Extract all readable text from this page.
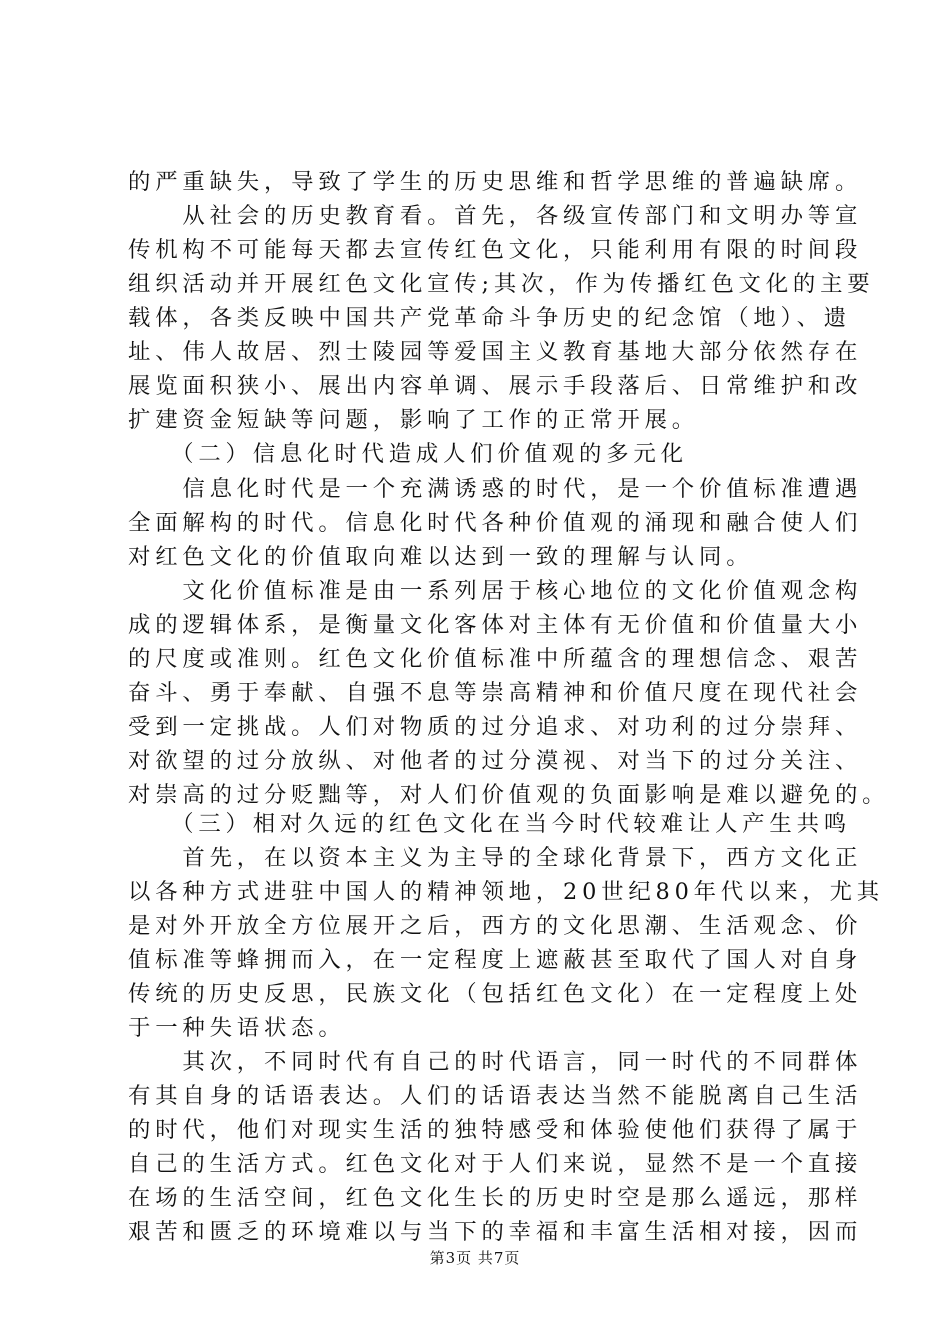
的严重缺失，导致了学生的历史思维和哲学思维的普遍缺席。
　　从社会的历史教育看。首先，各级宣传部门和文明办等宣
传机构不可能每天都去宣传红色文化，只能利用有限的时间段
组织活动并开展红色文化宣传;其次，作为传播红色文化的主要
载体，各类反映中国共产党革命斗争历史的纪念馆（地）、遗
址、伟人故居、烈士陵园等爱国主义教育基地大部分依然存在
展览面积狭小、展出内容单调、展示手段落后、日常维护和改
扩建资金短缺等问题，影响了工作的正常开展。
　　（二）信息化时代造成人们价值观的多元化
　　信息化时代是一个充满诱惑的时代，是一个价值标准遭遇
全面解构的时代。信息化时代各种价值观的涌现和融合使人们
对红色文化的价值取向难以达到一致的理解与认同。
　　文化价值标准是由一系列居于核心地位的文化价值观念构
成的逻辑体系，是衡量文化客体对主体有无价值和价值量大小
的尺度或准则。红色文化价值标准中所蕴含的理想信念、艰苦
奋斗、勇于奉献、自强不息等崇高精神和价值尺度在现代社会
受到一定挑战。人们对物质的过分追求、对功利的过分崇拜、
对欲望的过分放纵、对他者的过分漠视、对当下的过分关注、
对崇高的过分贬黜等，对人们价值观的负面影响是难以避免的。
　　（三）相对久远的红色文化在当今时代较难让人产生共鸣
　　首先，在以资本主义为主导的全球化背景下，西方文化正
以各种方式进驻中国人的精神领地，20世纪80年代以来，尤其
是对外开放全方位展开之后，西方的文化思潮、生活观念、价
值标准等蜂拥而入，在一定程度上遮蔽甚至取代了国人对自身
传统的历史反思，民族文化（包括红色文化）在一定程度上处
于一种失语状态。
　　其次，不同时代有自己的时代语言，同一时代的不同群体
有其自身的话语表达。人们的话语表达当然不能脱离自己生活
的时代，他们对现实生活的独特感受和体验使他们获得了属于
自己的生活方式。红色文化对于人们来说，显然不是一个直接
在场的生活空间，红色文化生长的历史时空是那么遥远，那样
艰苦和匮乏的环境难以与当下的幸福和丰富生活相对接，因而
第3页 共7页
